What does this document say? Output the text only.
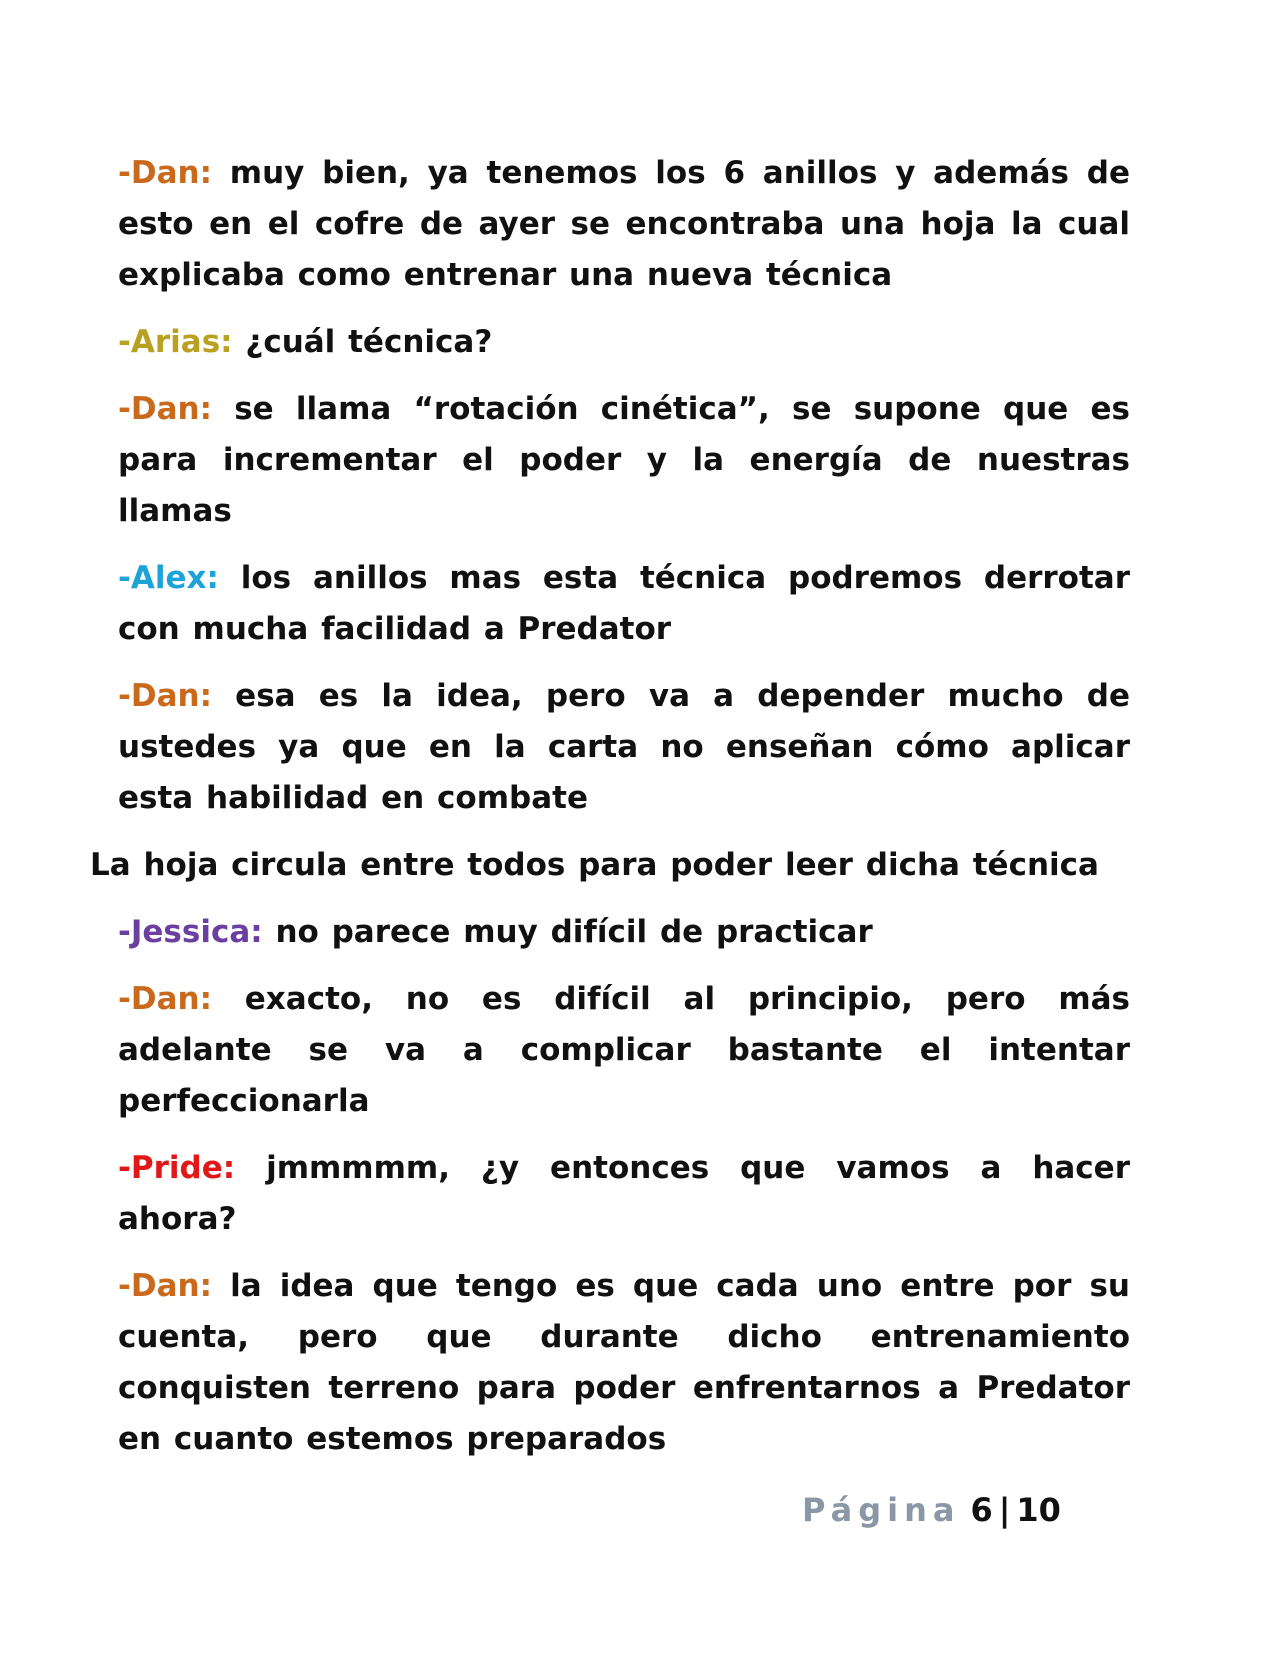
-Dan: muy bien, ya tenemos los 6 anillos y además de esto en el cofre de ayer se encontraba una hoja la cual explicaba como entrenar una nueva técnica

-Arias: ¿cuál técnica?

-Dan: se llama “rotación cinética”, se supone que es para incrementar el poder y la energía de nuestras llamas

-Alex: los anillos mas esta técnica podremos derrotar con mucha facilidad a Predator

-Dan: esa es la idea, pero va a depender mucho de ustedes ya que en la carta no enseñan cómo aplicar esta habilidad en combate

La hoja circula entre todos para poder leer dicha técnica

-Jessica: no parece muy difícil de practicar

-Dan: exacto, no es difícil al principio, pero más adelante se va a complicar bastante el intentar perfeccionarla

-Pride: jmmmmm, ¿y entonces que vamos a hacer ahora?

-Dan: la idea que tengo es que cada uno entre por su cuenta, pero que durante dicho entrenamiento conquisten terreno para poder enfrentarnos a Predator en cuanto estemos preparados

Página 6 | 10
